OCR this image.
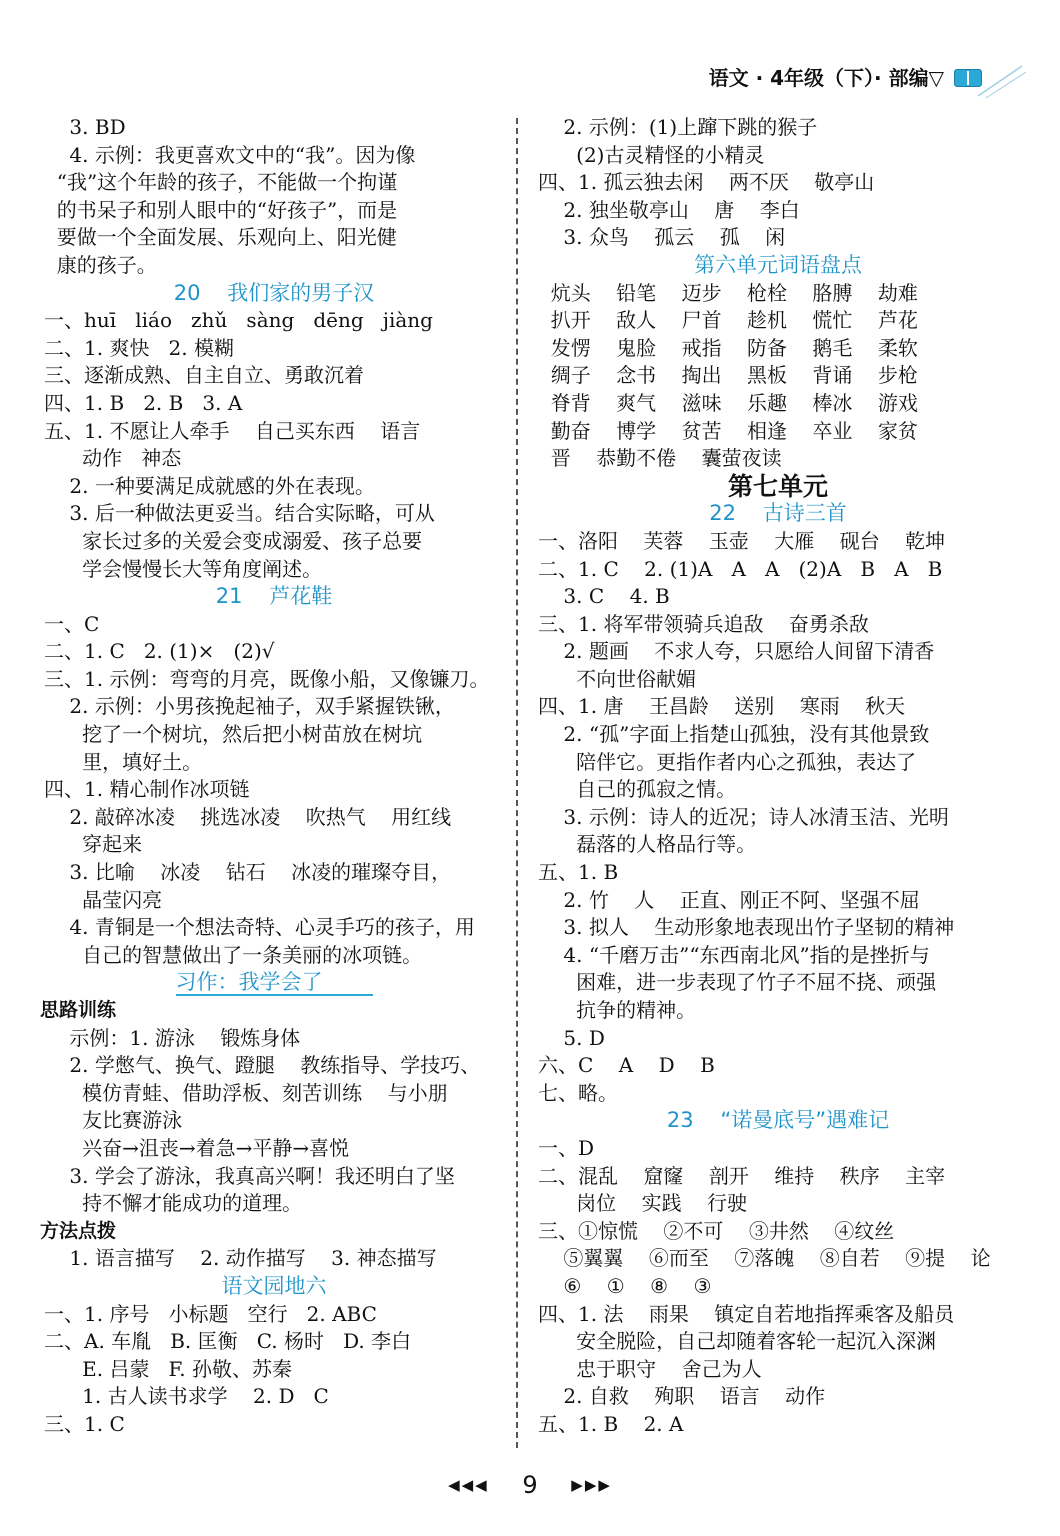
语文 · 4年级（下）· 部编▽
3. BD
4. 示例：我更喜欢文中的“我”。因为像
“我”这个年龄的孩子，不能做一个拘谨
的书呆子和别人眼中的“好孩子”，而是
要做一个全面发展、乐观向上、阳光健
康的孩子。
20    我们家的男子汉
一、huī   liáo   zhǔ   sàng   dēng   jiàng
二、1. 爽快   2. 模糊
三、逐渐成熟、自主自立、勇敢沉着
四、1. B   2. B   3. A
五、1. 不愿让人牵手    自己买东西    语言
动作   神态
2. 一种要满足成就感的外在表现。
3. 后一种做法更妥当。结合实际略，可从
家长过多的关爱会变成溺爱、孩子总要
学会慢慢长大等角度阐述。
21    芦花鞋
一、C
二、1. C   2. (1)×   (2)√
三、1. 示例：弯弯的月亮，既像小船，又像镰刀。
2. 示例：小男孩挽起袖子，双手紧握铁锹，
挖了一个树坑，然后把小树苗放在树坑
里，填好土。
四、1. 精心制作冰项链
2. 敲碎冰凌    挑选冰凌    吹热气    用红线
穿起来
3. 比喻    冰凌    钻石    冰凌的璀璨夺目，
晶莹闪亮
4. 青铜是一个想法奇特、心灵手巧的孩子，用
自己的智慧做出了一条美丽的冰项链。
习作：我学会了
思路训练
示例：1. 游泳    锻炼身体
2. 学憋气、换气、蹬腿    教练指导、学技巧、
模仿青蛙、借助浮板、刻苦训练    与小朋
友比赛游泳
兴奋→沮丧→着急→平静→喜悦
3. 学会了游泳，我真高兴啊！我还明白了坚
持不懈才能成功的道理。
方法点拨
1. 语言描写    2. 动作描写    3. 神态描写
语文园地六
一、1. 序号   小标题   空行   2. ABC
二、A. 车胤   B. 匡衡   C. 杨时   D. 李白
E. 吕蒙   F. 孙敬、苏秦
1. 古人读书求学    2. D   C
三、1. C
2. 示例：(1)上蹿下跳的猴子
(2)古灵精怪的小精灵
四、1. 孤云独去闲    两不厌    敬亭山
2. 独坐敬亭山    唐    李白
3. 众鸟    孤云    孤    闲
第六单元词语盘点
炕头    铅笔    迈步    枪栓    胳膊    劫难
扒开    敌人    尸首    趁机    慌忙    芦花
发愣    鬼脸    戒指    防备    鹅毛    柔软
绸子    念书    掏出    黑板    背诵    步枪
脊背    爽气    滋味    乐趣    棒冰    游戏
勤奋    博学    贫苦    相逢    卒业    家贫
晋    恭勤不倦    囊萤夜读
第七单元
22    古诗三首
一、洛阳    芙蓉    玉壶    大雁    砚台    乾坤
二、1. C    2. (1)A   A   A   (2)A   B   A   B
3. C    4. B
三、1. 将军带领骑兵追敌    奋勇杀敌
2. 题画    不求人夸，只愿给人间留下清香
不向世俗献媚
四、1. 唐    王昌龄    送别    寒雨    秋天
2. “孤”字面上指楚山孤独，没有其他景致
陪伴它。更指作者内心之孤独，表达了
自己的孤寂之情。
3. 示例：诗人的近况；诗人冰清玉洁、光明
磊落的人格品行等。
五、1. B
2. 竹    人    正直、刚正不阿、坚强不屈
3. 拟人    生动形象地表现出竹子坚韧的精神
4. “千磨万击”“东西南北风”指的是挫折与
困难，进一步表现了竹子不屈不挠、顽强
抗争的精神。
5. D
六、C    A    D    B
七、略。
23    “诺曼底号”遇难记
一、D
二、混乱    窟窿    剖开    维持    秩序    主宰
岗位    实践    行驶
三、①惊慌    ②不可    ③井然    ④纹丝
⑤翼翼    ⑥而至    ⑦落魄    ⑧自若    ⑨提    论
⑥    ①    ⑧    ③
四、1. 法    雨果    镇定自若地指挥乘客及船员
安全脱险，自己却随着客轮一起沉入深渊
忠于职守    舍己为人
2. 自救    殉职    语言    动作
五、1. B    2. A
◀◀◀ 9 ▶▶▶
